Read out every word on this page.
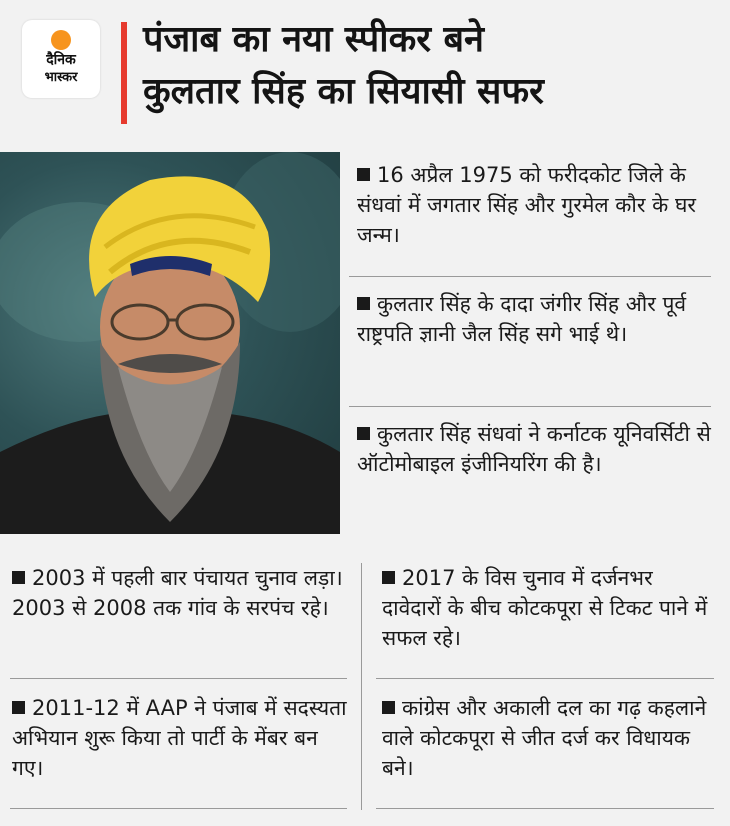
दैनिक
भास्कर
पंजाब का नया स्पीकर बने
कुलतार सिंह का सियासी सफर
16 अप्रैल 1975 को फरीदकोट जिले के संधवां में जगतार सिंह और गुरमेल कौर के घर जन्म।
कुलतार सिंह के दादा जंगीर सिंह और पूर्व राष्ट्रपति ज्ञानी जैल सिंह सगे भाई थे।
कुलतार सिंह संधवां ने कर्नाटक यूनिवर्सिटी से ऑटोमोबाइल इंजीनियरिंग की है।
2003 में पहली बार पंचायत चुनाव लड़ा। 2003 से 2008 तक गांव के सरपंच रहे।
2011-12 में AAP ने पंजाब में सदस्यता अभियान शुरू किया तो पार्टी के मेंबर बन गए।
2017 के विस चुनाव में दर्जनभर दावेदारों के बीच कोटकपूरा से टिकट पाने में सफल रहे।
कांग्रेस और अकाली दल का गढ़ कहलाने वाले कोटकपूरा से जीत दर्ज कर विधायक बने।
